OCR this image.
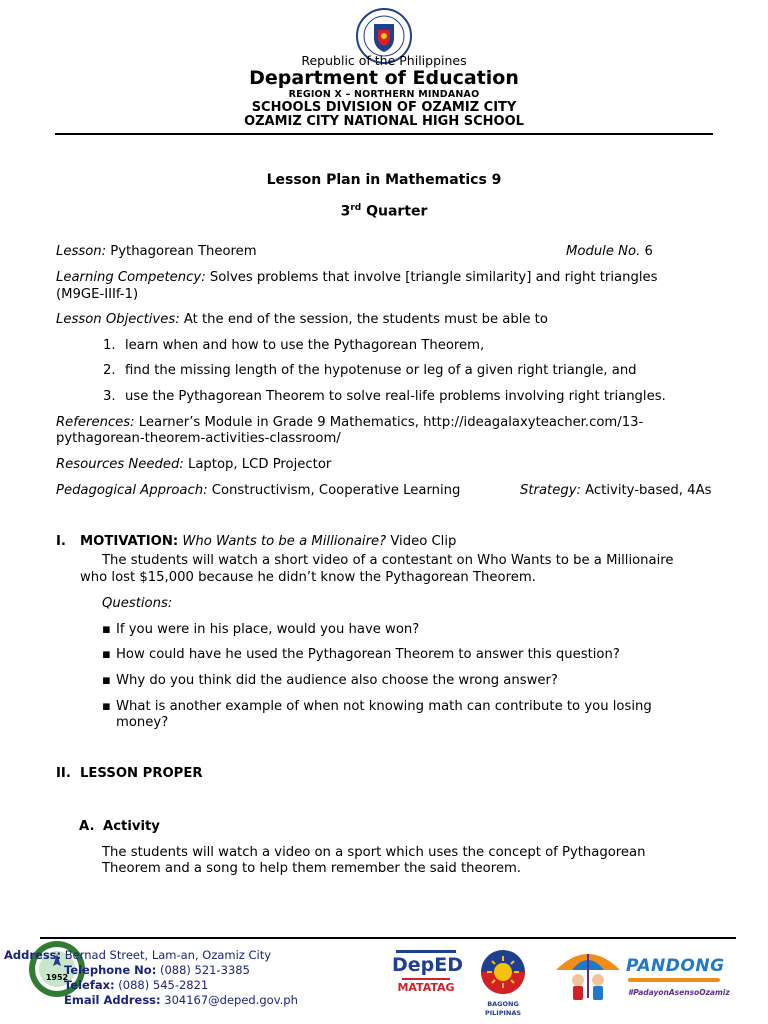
Republic of the Philippines
Department of Education
REGION X – NORTHERN MINDANAO
SCHOOLS DIVISION OF OZAMIZ CITY
OZAMIZ CITY NATIONAL HIGH SCHOOL
Lesson Plan in Mathematics 9
3rd Quarter
Lesson: Pythagorean Theorem	Module No. 6
Learning Competency: Solves problems that involve [triangle similarity] and right triangles
(M9GE-IIIf-1)
Lesson Objectives: At the end of the session, the students must be able to
1. learn when and how to use the Pythagorean Theorem,
2. find the missing length of the hypotenuse or leg of a given right triangle, and
3. use the Pythagorean Theorem to solve real-life problems involving right triangles.
References: Learner’s Module in Grade 9 Mathematics, http://ideagalaxyteacher.com/13-
pythagorean-theorem-activities-classroom/
Resources Needed: Laptop, LCD Projector
Pedagogical Approach: Constructivism, Cooperative Learning	Strategy: Activity-based, 4As
I. MOTIVATION: Who Wants to be a Millionaire? Video Clip
The students will watch a short video of a contestant on Who Wants to be a Millionaire
who lost $15,000 because he didn’t know the Pythagorean Theorem.
Questions:
▪ If you were in his place, would you have won?
▪ How could have he used the Pythagorean Theorem to answer this question?
▪ Why do you think did the audience also choose the wrong answer?
▪ What is another example of when not knowing math can contribute to you losing
money?
II. LESSON PROPER
A. Activity
The students will watch a video on a sport which uses the concept of Pythagorean
Theorem and a song to help them remember the said theorem.
1952
Address: Bernad Street, Lam-an, Ozamiz City
Telephone No: (088) 521-3385
Telefax: (088) 545-2821
Email Address: 304167@deped.gov.ph
DepED
MATATAG
BAGONG PILIPINAS
PANDONG
#PadayonAsensoOzamiz
